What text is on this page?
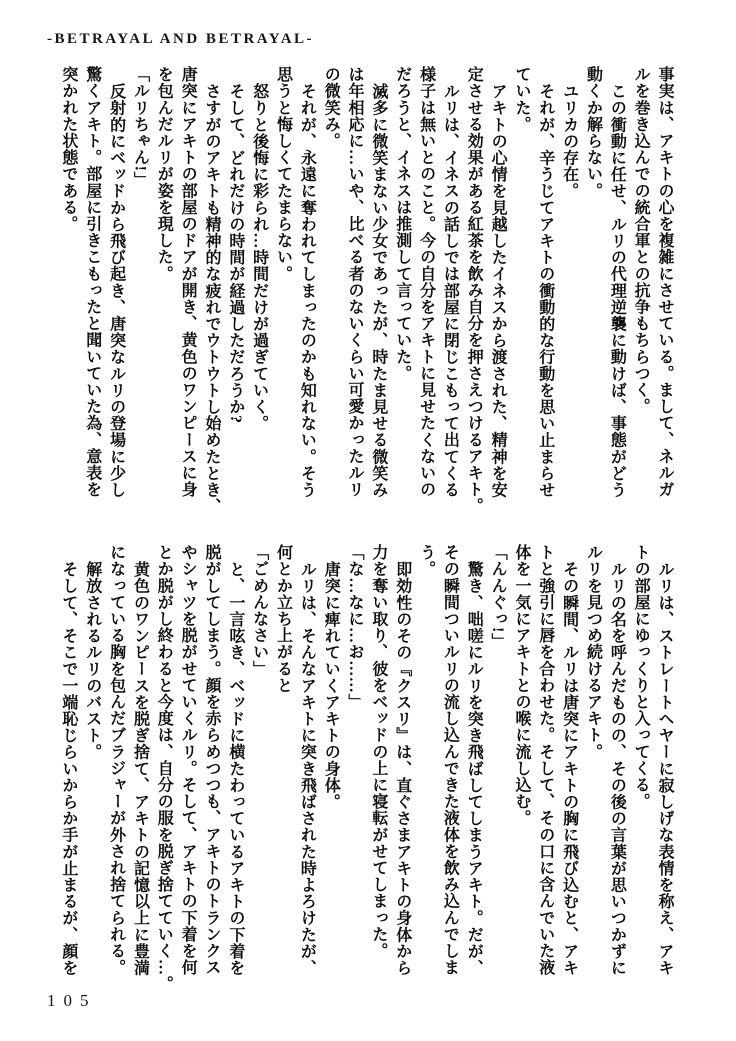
-BETRAYAL AND BETRAYAL-
事実は、アキトの心を複雑にさせている。まして、ネルガ
ルを巻き込んでの統合軍との抗争もちらつく。
この衝動に任せ、ルリの代理逆襲に動けば、事態がどう
動くか解らない。
ユリカの存在。
それが、辛うじてアキトの衝動的な行動を思い止まらせ
ていた。
アキトの心情を見越したイネスから渡された、精神を安
定させる効果がある紅茶を飲み自分を押さえつけるアキト。
ルリは、イネスの話しでは部屋に閉じこもって出てくる
様子は無いとのこと。今の自分をアキトに見せたくないの
だろうと、イネスは推測して言っていた。
滅多に微笑まない少女であったが、時たま見せる微笑み
は年相応に…いや、比べる者のないくらい可愛かったルリ
の微笑み。
それが、永遠に奪われてしまったのかも知れない。そう
思うと悔しくてたまらない。
怒りと後悔に彩られ…時間だけが過ぎていく。
そして、どれだけの時間が経過しただろうか?
さすがのアキトも精神的な疲れでウトウトし始めたとき、
唐突にアキトの部屋のドアが開き、黄色のワンピースに身
を包んだルリが姿を現した。
「ルリちゃん!」
反射的にベッドから飛び起き、唐突なルリの登場に少し
驚くアキト。部屋に引きこもったと聞いていた為、意表を
突かれた状態である。
ルリは、ストレートヘヤーに寂しげな表情を称え、アキ
トの部屋にゆっくりと入ってくる。
ルリの名を呼んだものの、その後の言葉が思いつかずに
ルリを見つめ続けるアキト。
その瞬間、ルリは唐突にアキトの胸に飛び込むと、アキ
トと強引に唇を合わせた。そして、その口に含んでいた液
体を一気にアキトとの喉に流し込む。
「んんぐっ!」
驚き、咄嗟にルリを突き飛ばしてしまうアキト。だが、
その瞬間ついルリの流し込んできた液体を飲み込んでしま
う。
即効性のその『クスリ』は、直ぐさまアキトの身体から
力を奪い取り、彼をベッドの上に寝転がせてしまった。
「な…なに…お……」
唐突に痺れていくアキトの身体。
ルリは、そんなアキトに突き飛ばされた時よろけたが、
何とか立ち上がると
「ごめんなさい」
と、一言呟き、ベッドに横たわっているアキトの下着を
脱がしてしまう。顔を赤らめつつも、アキトのトランクス
やシャツを脱がせていくルリ。そして、アキトの下着を何
とか脱がし終わると今度は、自分の服を脱ぎ捨てていく…。
黄色のワンピースを脱ぎ捨て、アキトの記憶以上に豊満
になっている胸を包んだブラジャーが外され捨てられる。
解放されるルリのバスト。
そして、そこで一端恥じらいからか手が止まるが、顔を
105
